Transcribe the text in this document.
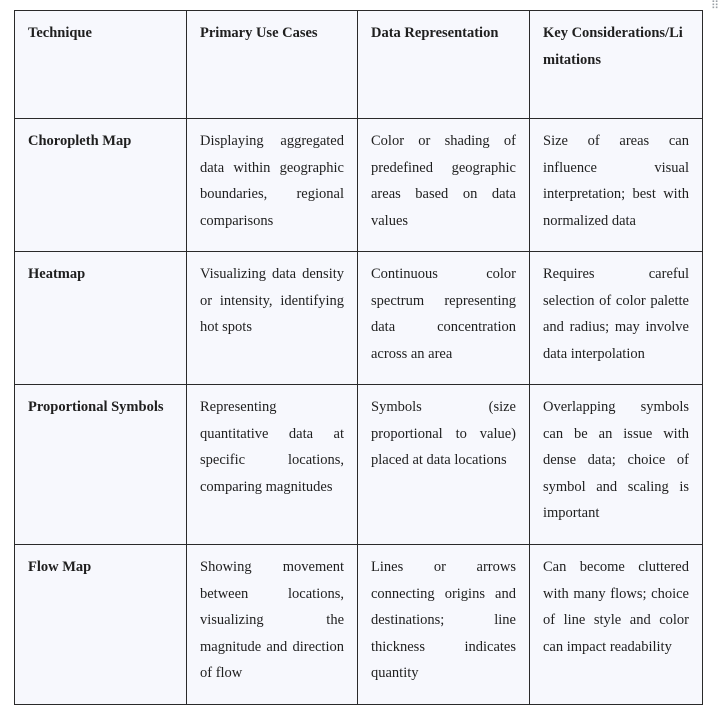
⠿
Technique	Primary Use Cases	Data Representation	Key Considerations/Limitations
Choropleth Map	Displaying aggregated data within geographic boundaries, regional comparisons	Color or shading of predefined geographic areas based on data values	Size of areas can influence visual interpretation; best with normalized data
Heatmap	Visualizing data density or intensity, identifying hot spots	Continuous color spectrum representing data concentration across an area	Requires careful selection of color palette and radius; may involve data interpolation
Proportional Symbols	Representing quantitative data at specific locations, comparing magnitudes	Symbols (size proportional to value) placed at data locations	Overlapping symbols can be an issue with dense data; choice of symbol and scaling is important
Flow Map	Showing movement between locations, visualizing the magnitude and direction of flow	Lines or arrows connecting origins and destinations; line thickness indicates quantity	Can become cluttered with many flows; choice of line style and color can impact readability
